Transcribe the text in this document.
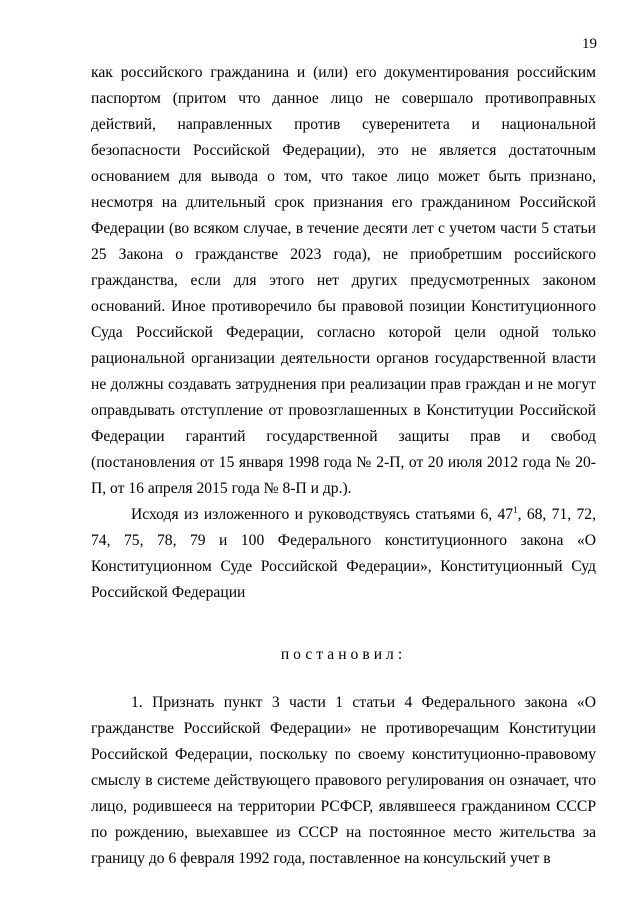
19

как российского гражданина и (или) его документирования российским паспортом (притом что данное лицо не совершало противоправных действий, направленных против суверенитета и национальной безопасности Российской Федерации), это не является достаточным основанием для вывода о том, что такое лицо может быть признано, несмотря на длительный срок признания его гражданином Российской Федерации (во всяком случае, в течение десяти лет с учетом части 5 статьи 25 Закона о гражданстве 2023 года), не приобретшим российского гражданства, если для этого нет других предусмотренных законом оснований. Иное противоречило бы правовой позиции Конституционного Суда Российской Федерации, согласно которой цели одной только рациональной организации деятельности органов государственной власти не должны создавать затруднения при реализации прав граждан и не могут оправдывать отступление от провозглашенных в Конституции Российской Федерации гарантий государственной защиты прав и свобод (постановления от 15 января 1998 года № 2-П, от 20 июля 2012 года № 20-П, от 16 апреля 2015 года № 8-П и др.).

Исходя из изложенного и руководствуясь статьями 6, $47^1$, 68, 71, 72, 74, 75, 78, 79 и 100 Федерального конституционного закона «О Конституционном Суде Российской Федерации», Конституционный Суд Российской Федерации

постановил:

1. Признать пункт 3 части 1 статьи 4 Федерального закона «О гражданстве Российской Федерации» не противоречащим Конституции Российской Федерации, поскольку по своему конституционно-правовому смыслу в системе действующего правового регулирования он означает, что лицо, родившееся на территории РСФСР, являвшееся гражданином СССР по рождению, выехавшее из СССР на постоянное место жительства за границу до 6 февраля 1992 года, поставленное на консульский учет в
